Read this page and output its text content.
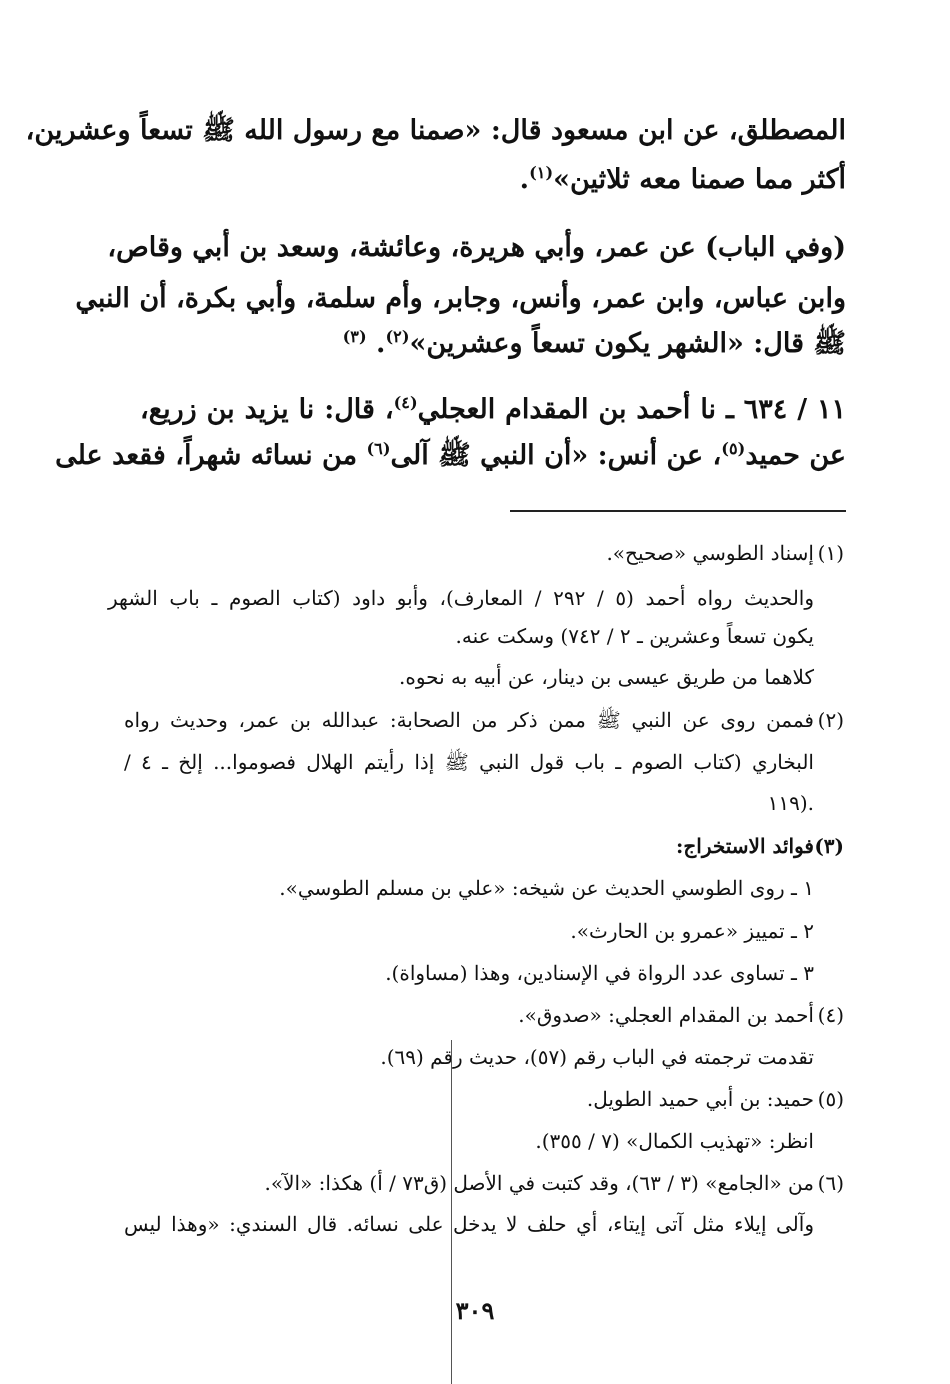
المصطلق، عن ابن مسعود قال: «صمنا مع رسول الله ﷺ تسعاً وعشرين،
أكثر مما صمنا معه ثلاثين»$^{(١)}$.
(وفي الباب) عن عمر، وأبي هريرة، وعائشة، وسعد بن أبي وقاص،
وابن عباس، وابن عمر، وأنس، وجابر، وأم سلمة، وأبي بكرة، أن النبي
ﷺ قال: «الشهر يكون تسعاً وعشرين»$^{(٢)}$. $^{(٣)}$
١١ / ٦٣٤ ـ نا أحمد بن المقدام العجلي$^{(٤)}$، قال: نا يزيد بن زريع،
عن حميد$^{(٥)}$، عن أنس: «أن النبي ﷺ آلى$^{(٦)}$ من نسائه شهراً، فقعد على
(١)
إسناد الطوسي «صحيح».
والحديث رواه أحمد (٥ / ٢٩٢ / المعارف)، وأبو داود (كتاب الصوم ـ باب الشهر
يكون تسعاً وعشرين ـ ٢ / ٧٤٢) وسكت عنه.
كلاهما من طريق عيسى بن دينار، عن أبيه به نحوه.
(٢)
فممن روى عن النبي ﷺ ممن ذكر من الصحابة: عبدالله بن عمر، وحديث رواه
البخاري (كتاب الصوم ـ باب قول النبي ﷺ إذا رأيتم الهلال فصوموا... إلخ ـ ٤ /
١١٩).
(٣)
فوائد الاستخراج:
١ ـ روى الطوسي الحديث عن شيخه: «علي بن مسلم الطوسي».
٢ ـ تمييز «عمرو بن الحارث».
٣ ـ تساوى عدد الرواة في الإسنادين، وهذا (مساواة).
(٤)
أحمد بن المقدام العجلي: «صدوق».
تقدمت ترجمته في الباب رقم (٥٧)، حديث رقم (٦٩).
(٥)
حميد: بن أبي حميد الطويل.
انظر: «تهذيب الكمال» (٧ / ٣٥٥).
(٦)
من «الجامع» (٣ / ٦٣)، وقد كتبت في الأصل (ق٧٣ / أ) هكذا: «الآ».
وآلى إيلاء مثل آتى إيتاء، أي حلف لا يدخل على نسائه. قال السندي: «وهذا ليس
٣٠٩
